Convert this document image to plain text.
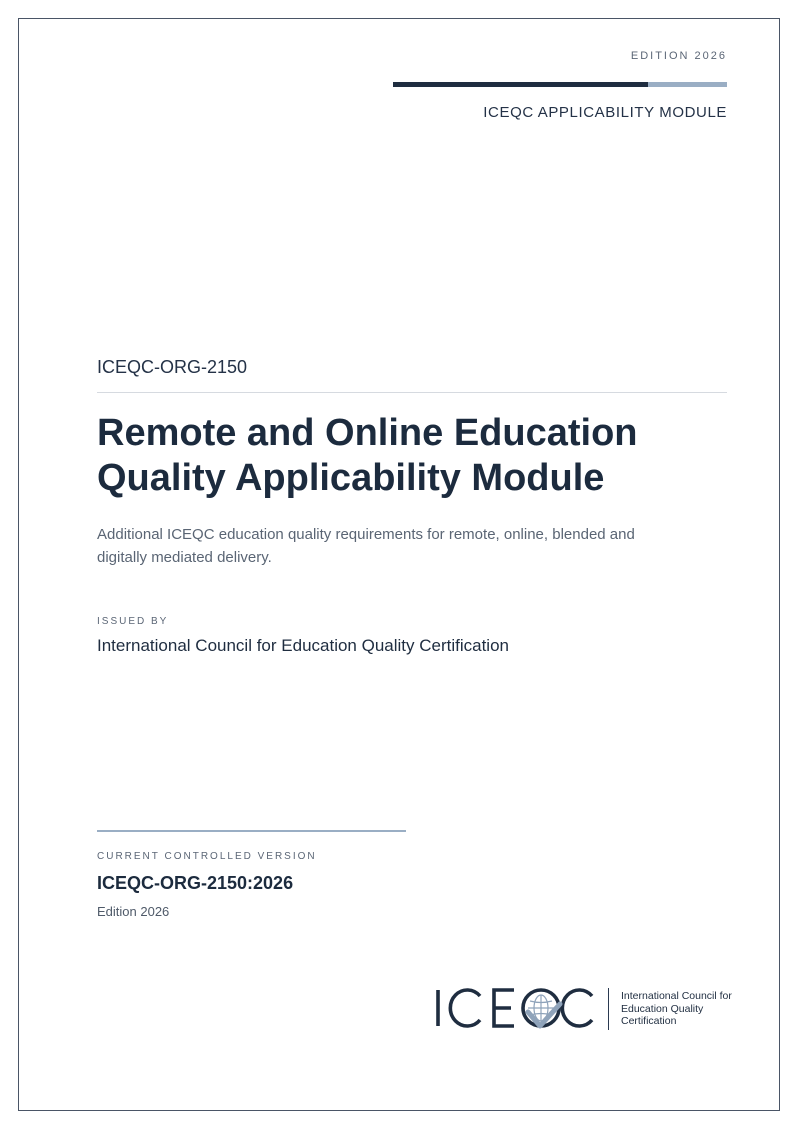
EDITION 2026
ICEQC APPLICABILITY MODULE
ICEQC-ORG-2150
Remote and Online Education Quality Applicability Module

Additional ICEQC education quality requirements for remote, online, blended and digitally mediated delivery.

ISSUED BY
International Council for Education Quality Certification
CURRENT CONTROLLED VERSION
ICEQC-ORG-2150:2026
Edition 2026
International Council for
Education Quality
Certification
